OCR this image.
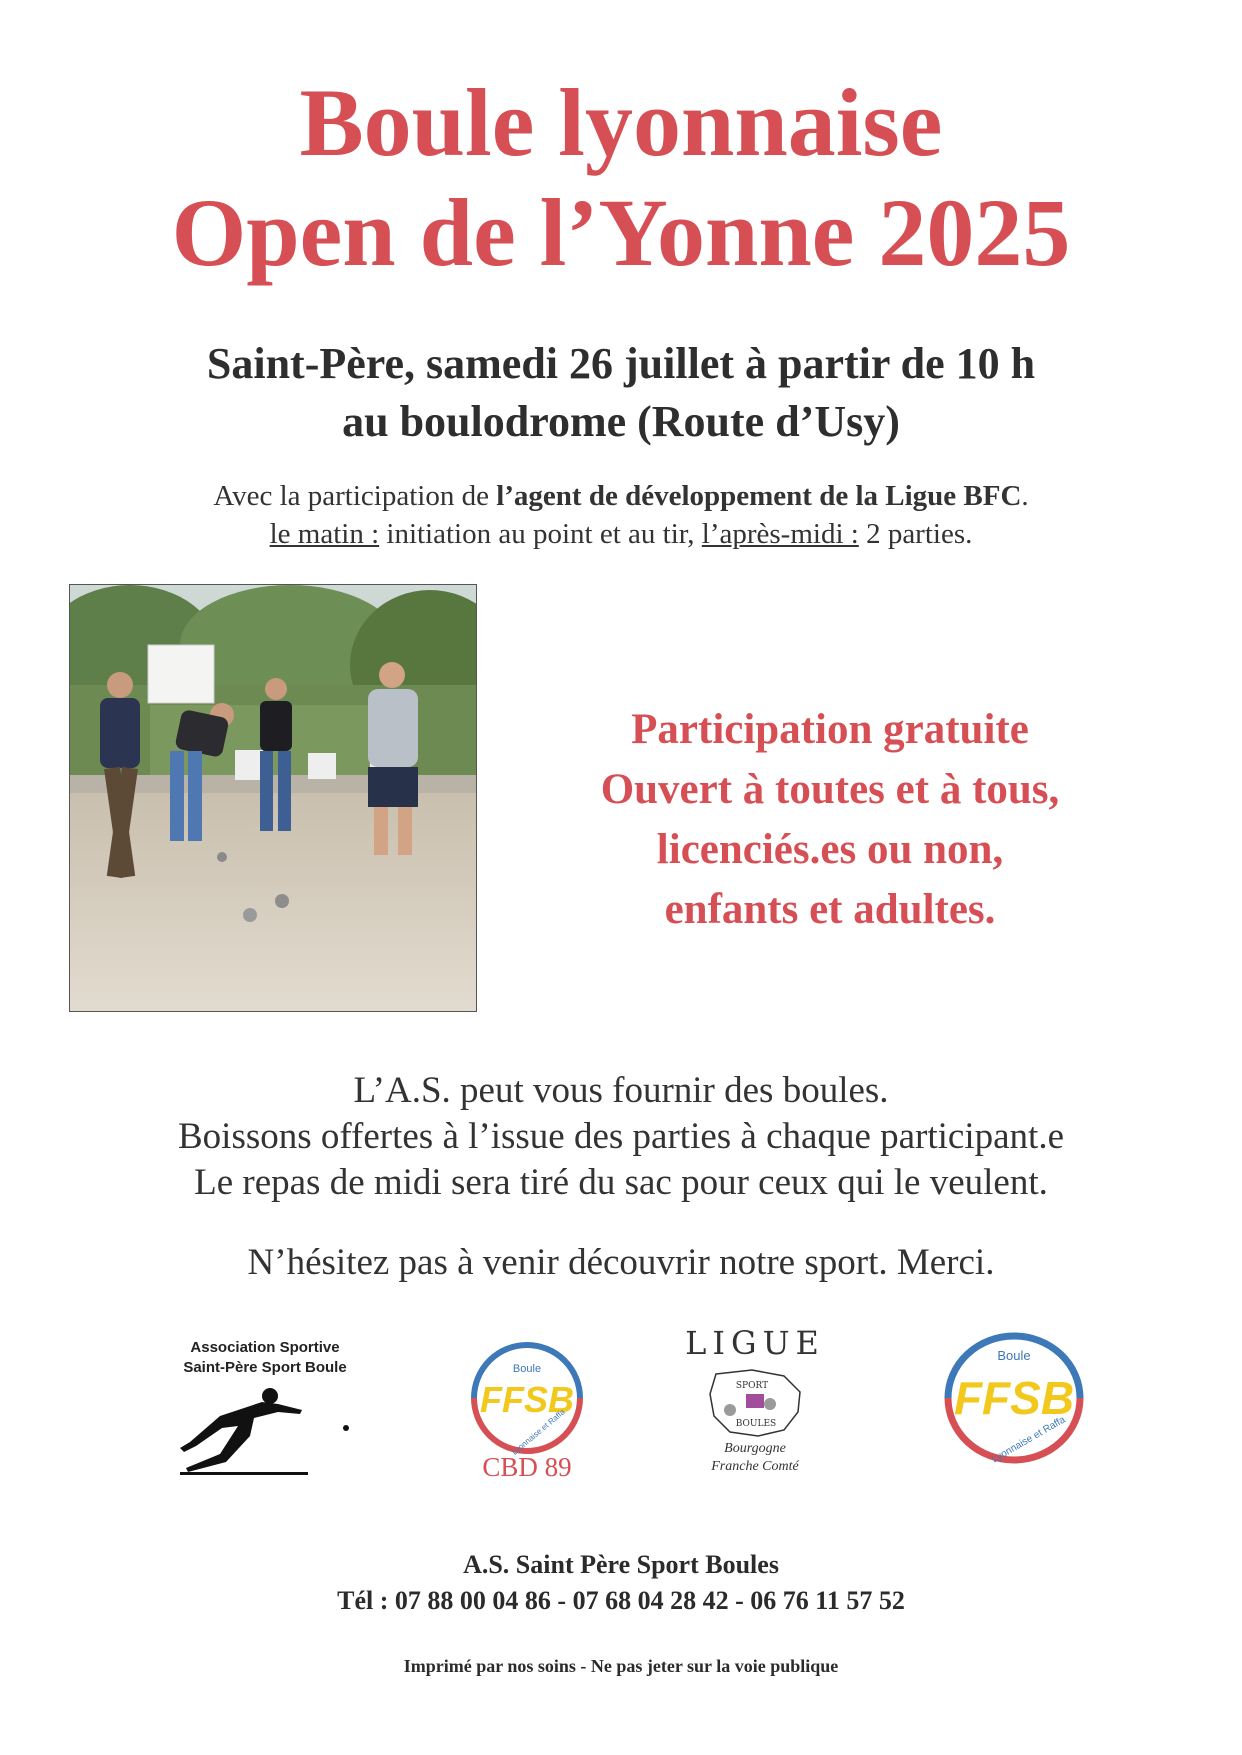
Boule lyonnaise
Open de l’Yonne 2025
Saint-Père, samedi 26 juillet à partir de 10 h
au boulodrome (Route d’Usy)
Avec la participation de l’agent de développement de la Ligue BFC.
le matin : initiation au point et au tir, l’après-midi : 2 parties.
Participation gratuite
Ouvert à toutes et à tous,
licenciés.es ou non,
enfants et adultes.
L’A.S. peut vous fournir des boules.
Boissons offertes à l’issue des parties à chaque participant.e
Le repas de midi sera tiré du sac pour ceux qui le veulent.
N’hésitez pas à venir découvrir notre sport. Merci.
Association Sportive
Saint-Père Sport Boule	Boule
FFSB
Lyonnaise et Raffa
CBD 89
LIGUE
SPORT
BOULES
Bourgogne
Franche Comté
Boule
FFSB
Lyonnaise et Raffa
A.S. Saint Père Sport Boules
Tél : 07 88 00 04 86 - 07 68 04 28 42 - 06 76 11 57 52
Imprimé par nos soins - Ne pas jeter sur la voie publique
